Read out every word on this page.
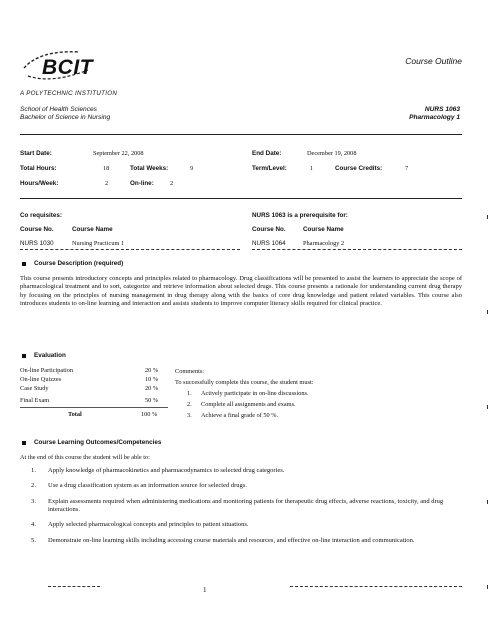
BCIT
A POLYTECHNIC INSTITUTION
Course Outline
School of Health Sciences
Bachelor of Science in Nursing
NURS 1063
Pharmacology 1
Start Date:	September 22, 2008	End Date:	December 19, 2008
Total Hours:	18	Total Weeks:	9	Term/Level:	1	Course Credits:	7
Hours/Week:	2	On-line:	2
Co requisites:
Course No.	Course Name
NURS 1030	Nursing Practicum 1
NURS 1063 is a prerequisite for:
Course No.	Course Name
NURS 1064	Pharmacology 2
Course Description (required)
This course presents introductory concepts and principles related to pharmacology. Drug classifications will be presented to assist the learners to appreciate the scope of pharmacological treatment and to sort, categorize and retrieve information about selected drugs. This course presents a rationale for understanding current drug therapy by focusing on the principles of nursing management in drug therapy along with the basics of core drug knowledge and patient related variables. This course also introduces students to on-line learning and interaction and assists students to improve computer literacy skills required for clinical practice.
Evaluation
On-line Participation	20 %
On-line Quizzes	10 %
Case Study	20 %
Final Exam	50 %
Total	100 %
Comments:
To successfully complete this course, the student must:
1. Actively participate in on-line discussions.
2. Complete all assignments and exams.
3. Achieve a final grade of 50 %.
Course Learning Outcomes/Competencies
At the end of this course the student will be able to:
1. Apply knowledge of pharmacokinetics and pharmacodynamics to selected drug categories.
2. Use a drug classification system as an information source for selected drugs.
3. Explain assessments required when administering medications and monitoring patients for therapeutic drug effects, adverse reactions, toxicity, and drug interactions.
4. Apply selected pharmacological concepts and principles to patient situations.
5. Demonstrate on-line learning skills including accessing course materials and resources, and effective on-line interaction and communication.
1
